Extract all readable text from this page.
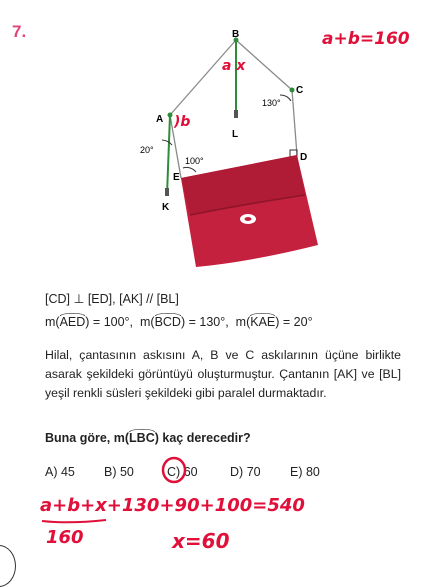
7.	B
A
C
D
E
K
L
20°
100°
130°
a+b=160
a x
)b
[CD] ⊥ [ED], [AK] // [BL]
m(AED) = 100°, m(BCD) = 130°, m(KAE) = 20°
Hilal, çantasının askısını A, B ve C askılarının üçüne birlikte asarak şekildeki görüntüyü oluşturmuştur. Çantanın [AK] ve [BL] yeşil renkli süsleri şekildeki gibi paralel durmaktadır.
Buna göre, m(LBC) kaç derecedir?
A) 45 B) 50	C) 60	D) 70 E) 80
a+b+x+130+90+100=540
160	x=60
